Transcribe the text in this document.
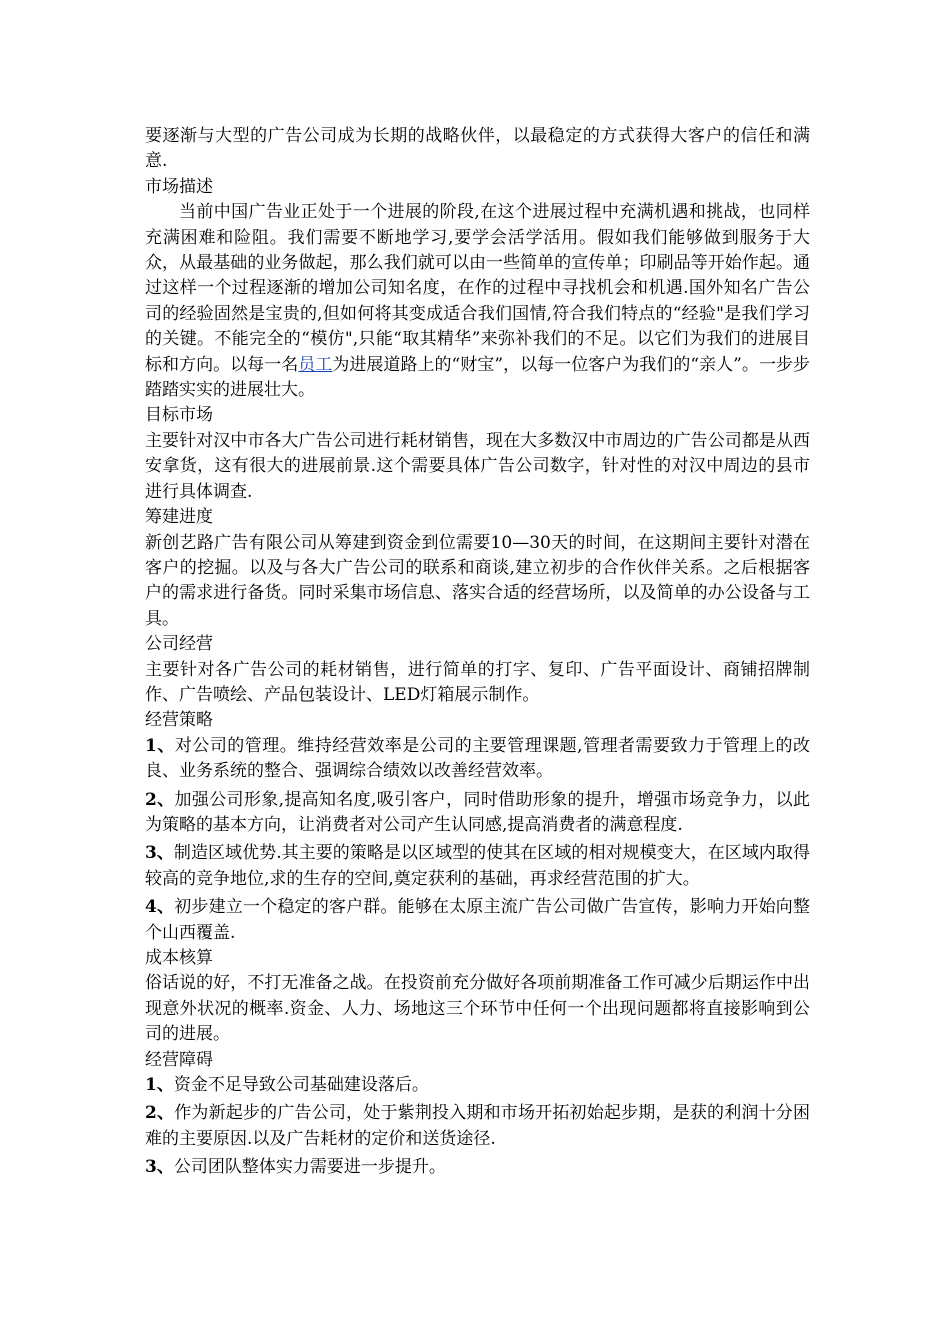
要逐渐与大型的广告公司成为长期的战略伙伴，以最稳定的方式获得大客户的信任和满意.

市场描述

当前中国广告业正处于一个进展的阶段,在这个进展过程中充满机遇和挑战，也同样充满困难和险阻。我们需要不断地学习,要学会活学活用。假如我们能够做到服务于大众，从最基础的业务做起，那么我们就可以由一些简单的宣传单；印刷品等开始作起。通过这样一个过程逐渐的增加公司知名度，在作的过程中寻找机会和机遇.国外知名广告公司的经验固然是宝贵的,但如何将其变成适合我们国情,符合我们特点的“经验"是我们学习的关键。不能完全的“模仿",只能“取其精华”来弥补我们的不足。以它们为我们的进展目标和方向。以每一名员工为进展道路上的“财宝”，以每一位客户为我们的“亲人”。一步步踏踏实实的进展壮大。

目标市场

主要针对汉中市各大广告公司进行耗材销售，现在大多数汉中市周边的广告公司都是从西安拿货，这有很大的进展前景.这个需要具体广告公司数字，针对性的对汉中周边的县市进行具体调查.

筹建进度

新创艺路广告有限公司从筹建到资金到位需要10—30天的时间，在这期间主要针对潜在客户的挖掘。以及与各大广告公司的联系和商谈,建立初步的合作伙伴关系。之后根据客户的需求进行备货。同时采集市场信息、落实合适的经营场所，以及简单的办公设备与工具。

公司经营

主要针对各广告公司的耗材销售，进行简单的打字、复印、广告平面设计、商铺招牌制作、广告喷绘、产品包装设计、LED灯箱展示制作。

经营策略

1、对公司的管理。维持经营效率是公司的主要管理课题,管理者需要致力于管理上的改良、业务系统的整合、强调综合绩效以改善经营效率。

2、加强公司形象,提高知名度,吸引客户，同时借助形象的提升，增强市场竞争力，以此为策略的基本方向，让消费者对公司产生认同感,提高消费者的满意程度.

3、制造区域优势.其主要的策略是以区域型的使其在区域的相对规模变大，在区域内取得较高的竞争地位,求的生存的空间,奠定获利的基础，再求经营范围的扩大。

4、初步建立一个稳定的客户群。能够在太原主流广告公司做广告宣传，影响力开始向整个山西覆盖.

成本核算

俗话说的好，不打无准备之战。在投资前充分做好各项前期准备工作可减少后期运作中出现意外状况的概率.资金、人力、场地这三个环节中任何一个出现问题都将直接影响到公司的进展。

经营障碍

1、资金不足导致公司基础建设落后。

2、作为新起步的广告公司，处于紫荆投入期和市场开拓初始起步期，是获的利润十分困难的主要原因.以及广告耗材的定价和送货途径.

3、公司团队整体实力需要进一步提升。
